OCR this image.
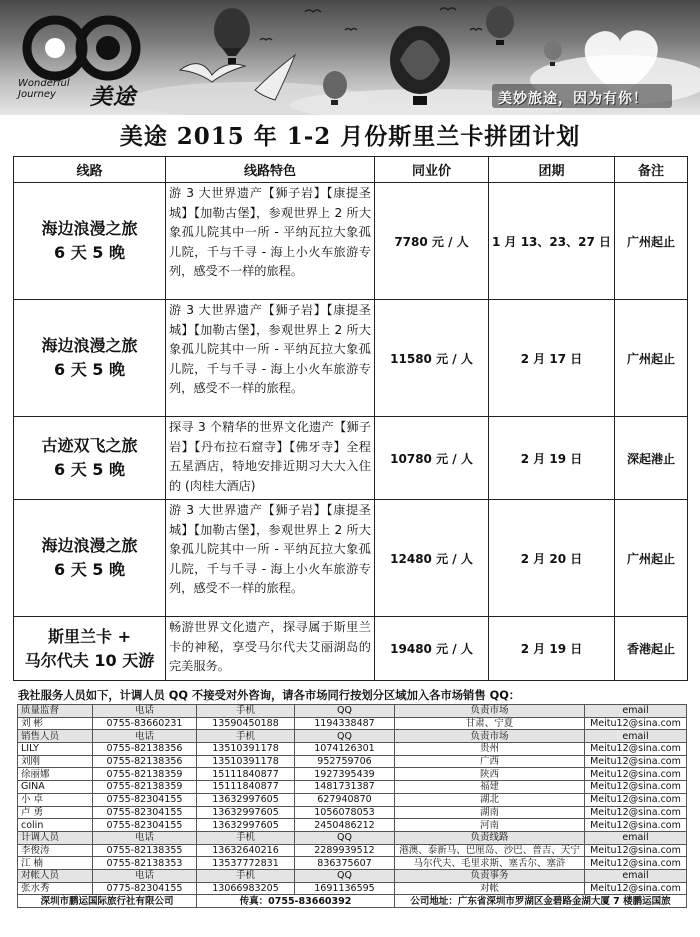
Wonderful
Journey	美途	美妙旅途，因为有你！
美途 2015 年 1-2 月份斯里兰卡拼团计划
线路	线路特色	同业价	团期	备注

海边浪漫之旅
6 天 5 晚	游 3 大世界遗产【狮子岩】【康提圣城】【加勒古堡】，参观世界上 2 所大象孤儿院其中一所 - 平纳瓦拉大象孤儿院，千与千寻 - 海上小火车旅游专列，感受不一样的旅程。	7780 元 / 人	1 月 13、23、27 日	广州起止

海边浪漫之旅
6 天 5 晚	游 3 大世界遗产【狮子岩】【康提圣城】【加勒古堡】，参观世界上 2 所大象孤儿院其中一所 - 平纳瓦拉大象孤儿院，千与千寻 - 海上小火车旅游专列，感受不一样的旅程。	11580 元 / 人	2 月 17 日	广州起止

古迹双飞之旅
6 天 5 晚	探寻 3 个精华的世界文化遗产【狮子岩】【丹布拉石窟寺】【佛牙寺】全程五星酒店，特地安排近期习大大入住的 (肉桂大酒店)	10780 元 / 人	2 月 19 日	深起港止

海边浪漫之旅
6 天 5 晚	游 3 大世界遗产【狮子岩】【康提圣城】【加勒古堡】，参观世界上 2 所大象孤儿院其中一所 - 平纳瓦拉大象孤儿院，千与千寻 - 海上小火车旅游专列，感受不一样的旅程。	12480 元 / 人	2 月 20 日	广州起止

斯里兰卡 +
马尔代夫 10 天游	畅游世界文化遗产，探寻属于斯里兰卡的神秘，享受马尔代夫艾丽湖岛的完美服务。	19480 元 / 人	2 月 19 日	香港起止
我社服务人员如下，计调人员 QQ 不接受对外咨询，请各市场同行按划分区域加入各市场销售 QQ：
质量监督	电话	手机	QQ	负责市场	email
刘 彬	0755-83660231	13590450188	1194338487	甘肃、宁夏	Meitu12@sina.com
销售人员	电话	手机	QQ	负责市场	email
LILY	0755-82138356	13510391178	1074126301	贵州	Meitu12@sina.com
刘刚	0755-82138356	13510391178	952759706	广西	Meitu12@sina.com
徐丽娜	0755-82138359	15111840877	1927395439	陕西	Meitu12@sina.com
GINA	0755-82138359	15111840877	1481731387	福建	Meitu12@sina.com
小 卓	0755-82304155	13632997605	627940870	湖北	Meitu12@sina.com
卢 勇	0755-82304155	13632997605	1056078053	湖南	Meitu12@sina.com
colin	0755-82304155	13632997605	2450486212	河南	Meitu12@sina.com
计调人员	电话	手机	QQ	负责线路	email
李俊涛	0755-82138355	13632640216	2289939512	港澳、泰新马、巴厘岛、沙巴、普吉、天宁	Meitu12@sina.com
江 楠	0755-82138353	13537772831	836375607	马尔代夫、毛里求斯、塞舌尔、塞浒	Meitu12@sina.com
对帐人员	电话	手机	QQ	负责事务	email
张水秀	0775-82304155	13066983205	1691136595	对帐	Meitu12@sina.com
深圳市鹏运国际旅行社有限公司		传真：0755-83660392		公司地址：广东省深圳市罗湖区金碧路金湖大厦 7 楼鹏运国旅	
